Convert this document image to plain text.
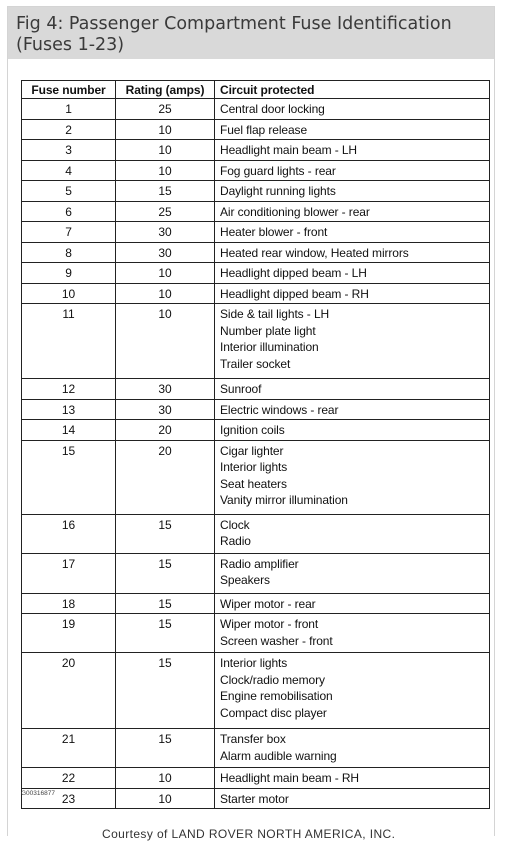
Fig 4: Passenger Compartment Fuse Identification (Fuses 1-23)
Fuse number	Rating (amps)	Circuit protected

1	25	Central door locking

2	10	Fuel flap release

3	10	Headlight main beam - LH

4	10	Fog guard lights - rear

5	15	Daylight running lights

6	25	Air conditioning blower - rear

7	30	Heater blower - front

8	30	Heated rear window, Heated mirrors

9	10	Headlight dipped beam - LH

10	10	Headlight dipped beam - RH

11	10	Side & tail lights - LH
Number plate light
Interior illumination
Trailer socket

12	30	Sunroof

13	30	Electric windows - rear

14	20	Ignition coils

15	20	Cigar lighter
Interior lights
Seat heaters
Vanity mirror illumination

16	15	Clock
Radio

17	15	Radio amplifier
Speakers

18	15	Wiper motor - rear

19	15	Wiper motor - front
Screen washer - front

20	15	Interior lights
Clock/radio memory
Engine remobilisation
Compact disc player

21	15	Transfer box
Alarm audible warning

22	10	Headlight main beam - RH

23	10	Starter motor
G00316877
Courtesy of LAND ROVER NORTH AMERICA, INC.
